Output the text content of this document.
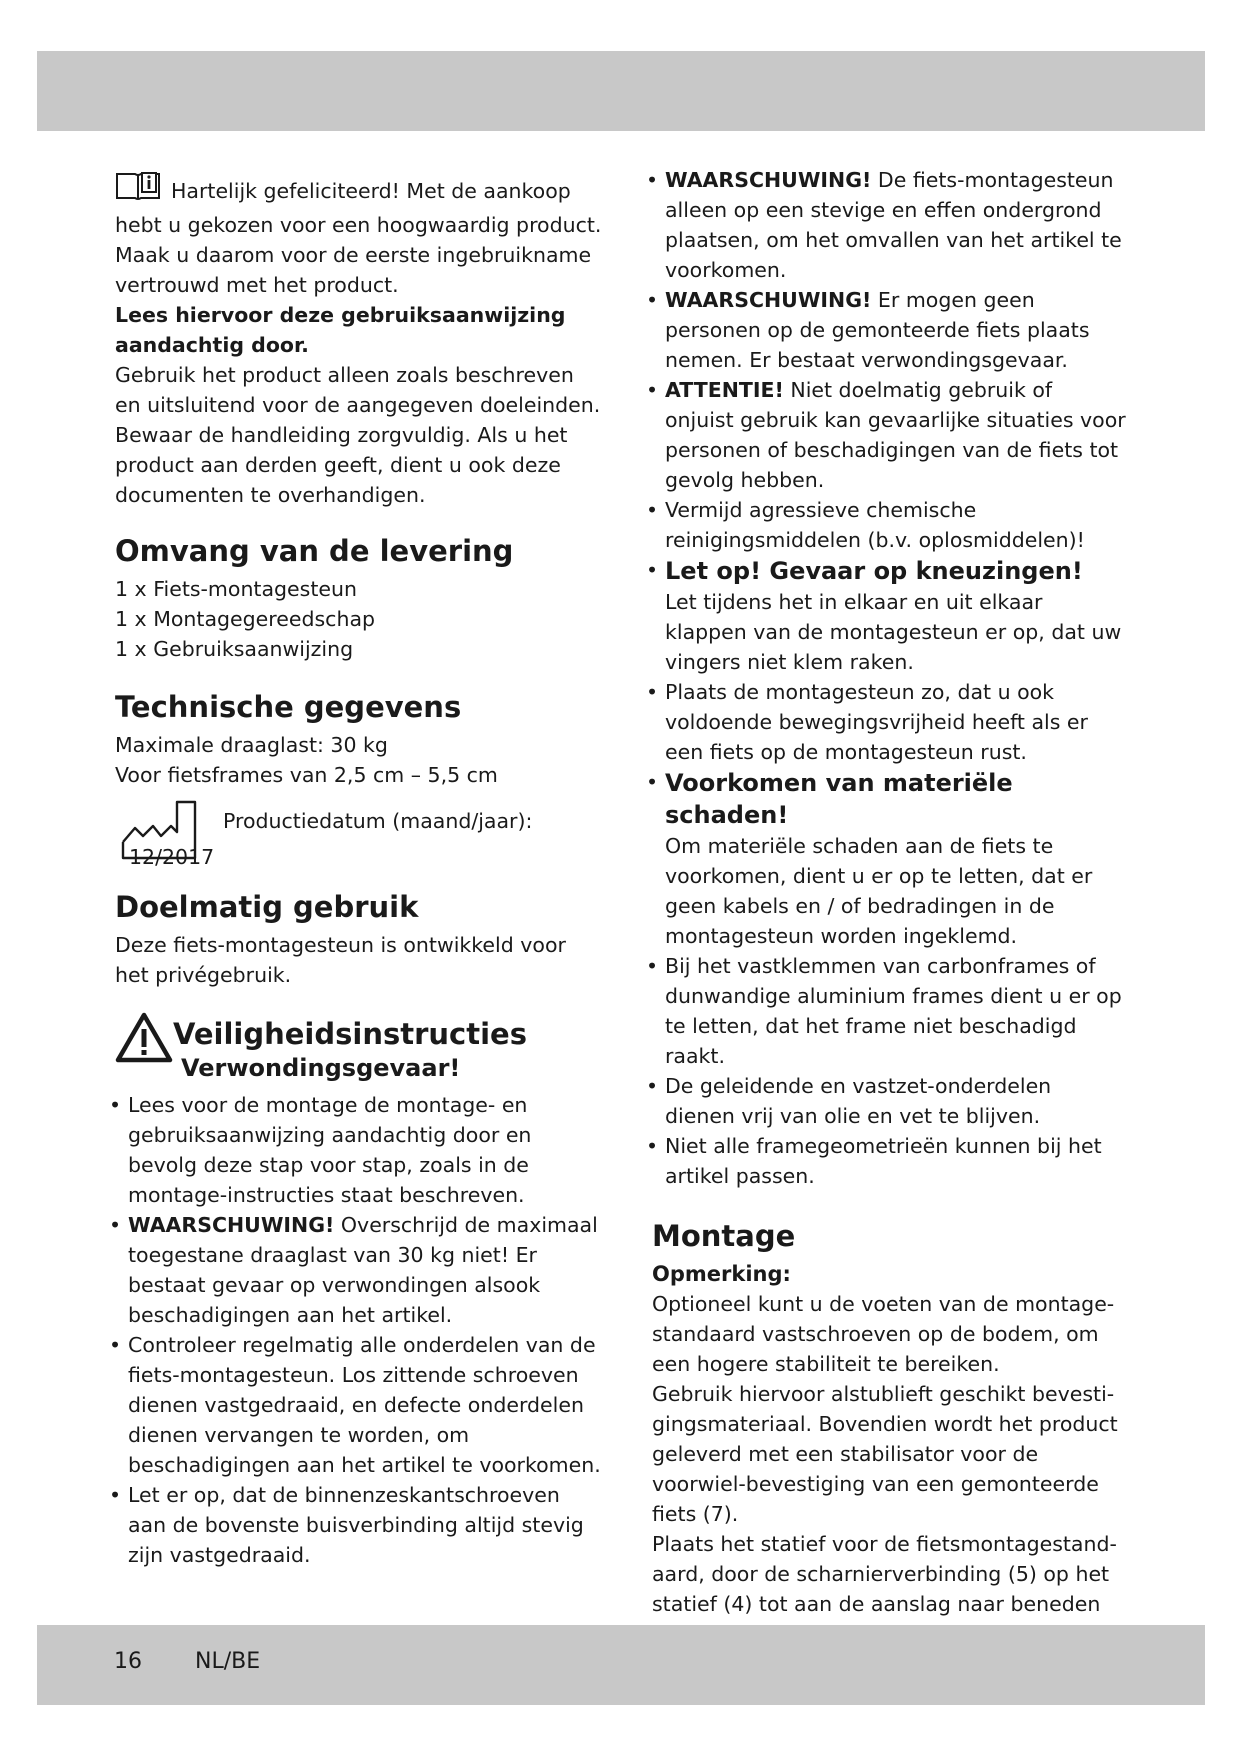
Hartelijk gefeliciteerd! Met de aankoop hebt u gekozen voor een hoogwaardig product. Maak u daarom voor de eerste ingebruikname vertrouwd met het product.

Lees hiervoor deze gebruiksaanwijzing aandachtig door.

Gebruik het product alleen zoals beschreven en uitsluitend voor de aangegeven doeleinden. Bewaar de handleiding zorgvuldig. Als u het product aan derden geeft, dient u ook deze documenten te overhandigen.

Omvang van de levering

1 x Fiets-montagesteun

1 x Montagegereedschap

1 x Gebruiksaanwijzing

Technische gegevens

Maximale draaglast: 30 kg

Voor fietsframes van 2,5 cm – 5,5 cm

Productiedatum (maand/jaar):
12/2017
Doelmatig gebruik

Deze fiets-montagesteun is ontwikkeld voor het privégebruik.

Veiligheidsinstructies
Verwondingsgevaar!
• Lees voor de montage de montage- en gebruiksaanwijzing aandachtig door en bevolg deze stap voor stap, zoals in de montage-instructies staat beschreven.
• WAARSCHUWING! Overschrijd de maximaal toegestane draaglast van 30 kg niet! Er bestaat gevaar op verwondingen alsook beschadigingen aan het artikel.
• Controleer regelmatig alle onderdelen van de fiets-montagesteun. Los zittende schroeven dienen vastgedraaid, en defecte onderdelen dienen vervangen te worden, om beschadigingen aan het artikel te voorkomen.
• Let er op, dat de binnenzeskantschroeven aan de bovenste buisverbinding altijd stevig zijn vastgedraaid.
• WAARSCHUWING! De fiets-montagesteun alleen op een stevige en effen ondergrond plaatsen, om het omvallen van het artikel te voorkomen.
• WAARSCHUWING! Er mogen geen personen op de gemonteerde fiets plaats nemen. Er bestaat verwondingsgevaar.
• ATTENTIE! Niet doelmatig gebruik of onjuist gebruik kan gevaarlijke situaties voor personen of beschadigingen van de fiets tot gevolg hebben.
• Vermijd agressieve chemische reinigingsmiddelen (b.v. oplosmiddelen)!
• Let op! Gevaar op kneuzingen!
Let tijdens het in elkaar en uit elkaar klappen van de montagesteun er op, dat uw vingers niet klem raken.
• Plaats de montagesteun zo, dat u ook voldoende bewegingsvrijheid heeft als er een fiets op de montagesteun rust.
• Voorkomen van materiële schaden!
Om materiële schaden aan de fiets te voorkomen, dient u er op te letten, dat er geen kabels en / of bedradingen in de montagesteun worden ingeklemd.
• Bij het vastklemmen van carbonframes of dunwandige aluminium frames dient u er op te letten, dat het frame niet beschadigd raakt.
• De geleidende en vastzet-onderdelen dienen vrij van olie en vet te blijven.
• Niet alle framegeometrieën kunnen bij het artikel passen.
Montage

Opmerking:

Optioneel kunt u de voeten van de montage-standaard vastschroeven op de bodem, om een hogere stabiliteit te bereiken.

Gebruik hiervoor alstublieft geschikt bevesti-gingsmateriaal. Bovendien wordt het product geleverd met een stabilisator voor de voorwiel-bevestiging van een gemonteerde fiets (7).

Plaats het statief voor de fietsmontagestand-aard, door de scharnierverbinding (5) op het statief (4) tot aan de aanslag naar beneden

16 NL/BE
